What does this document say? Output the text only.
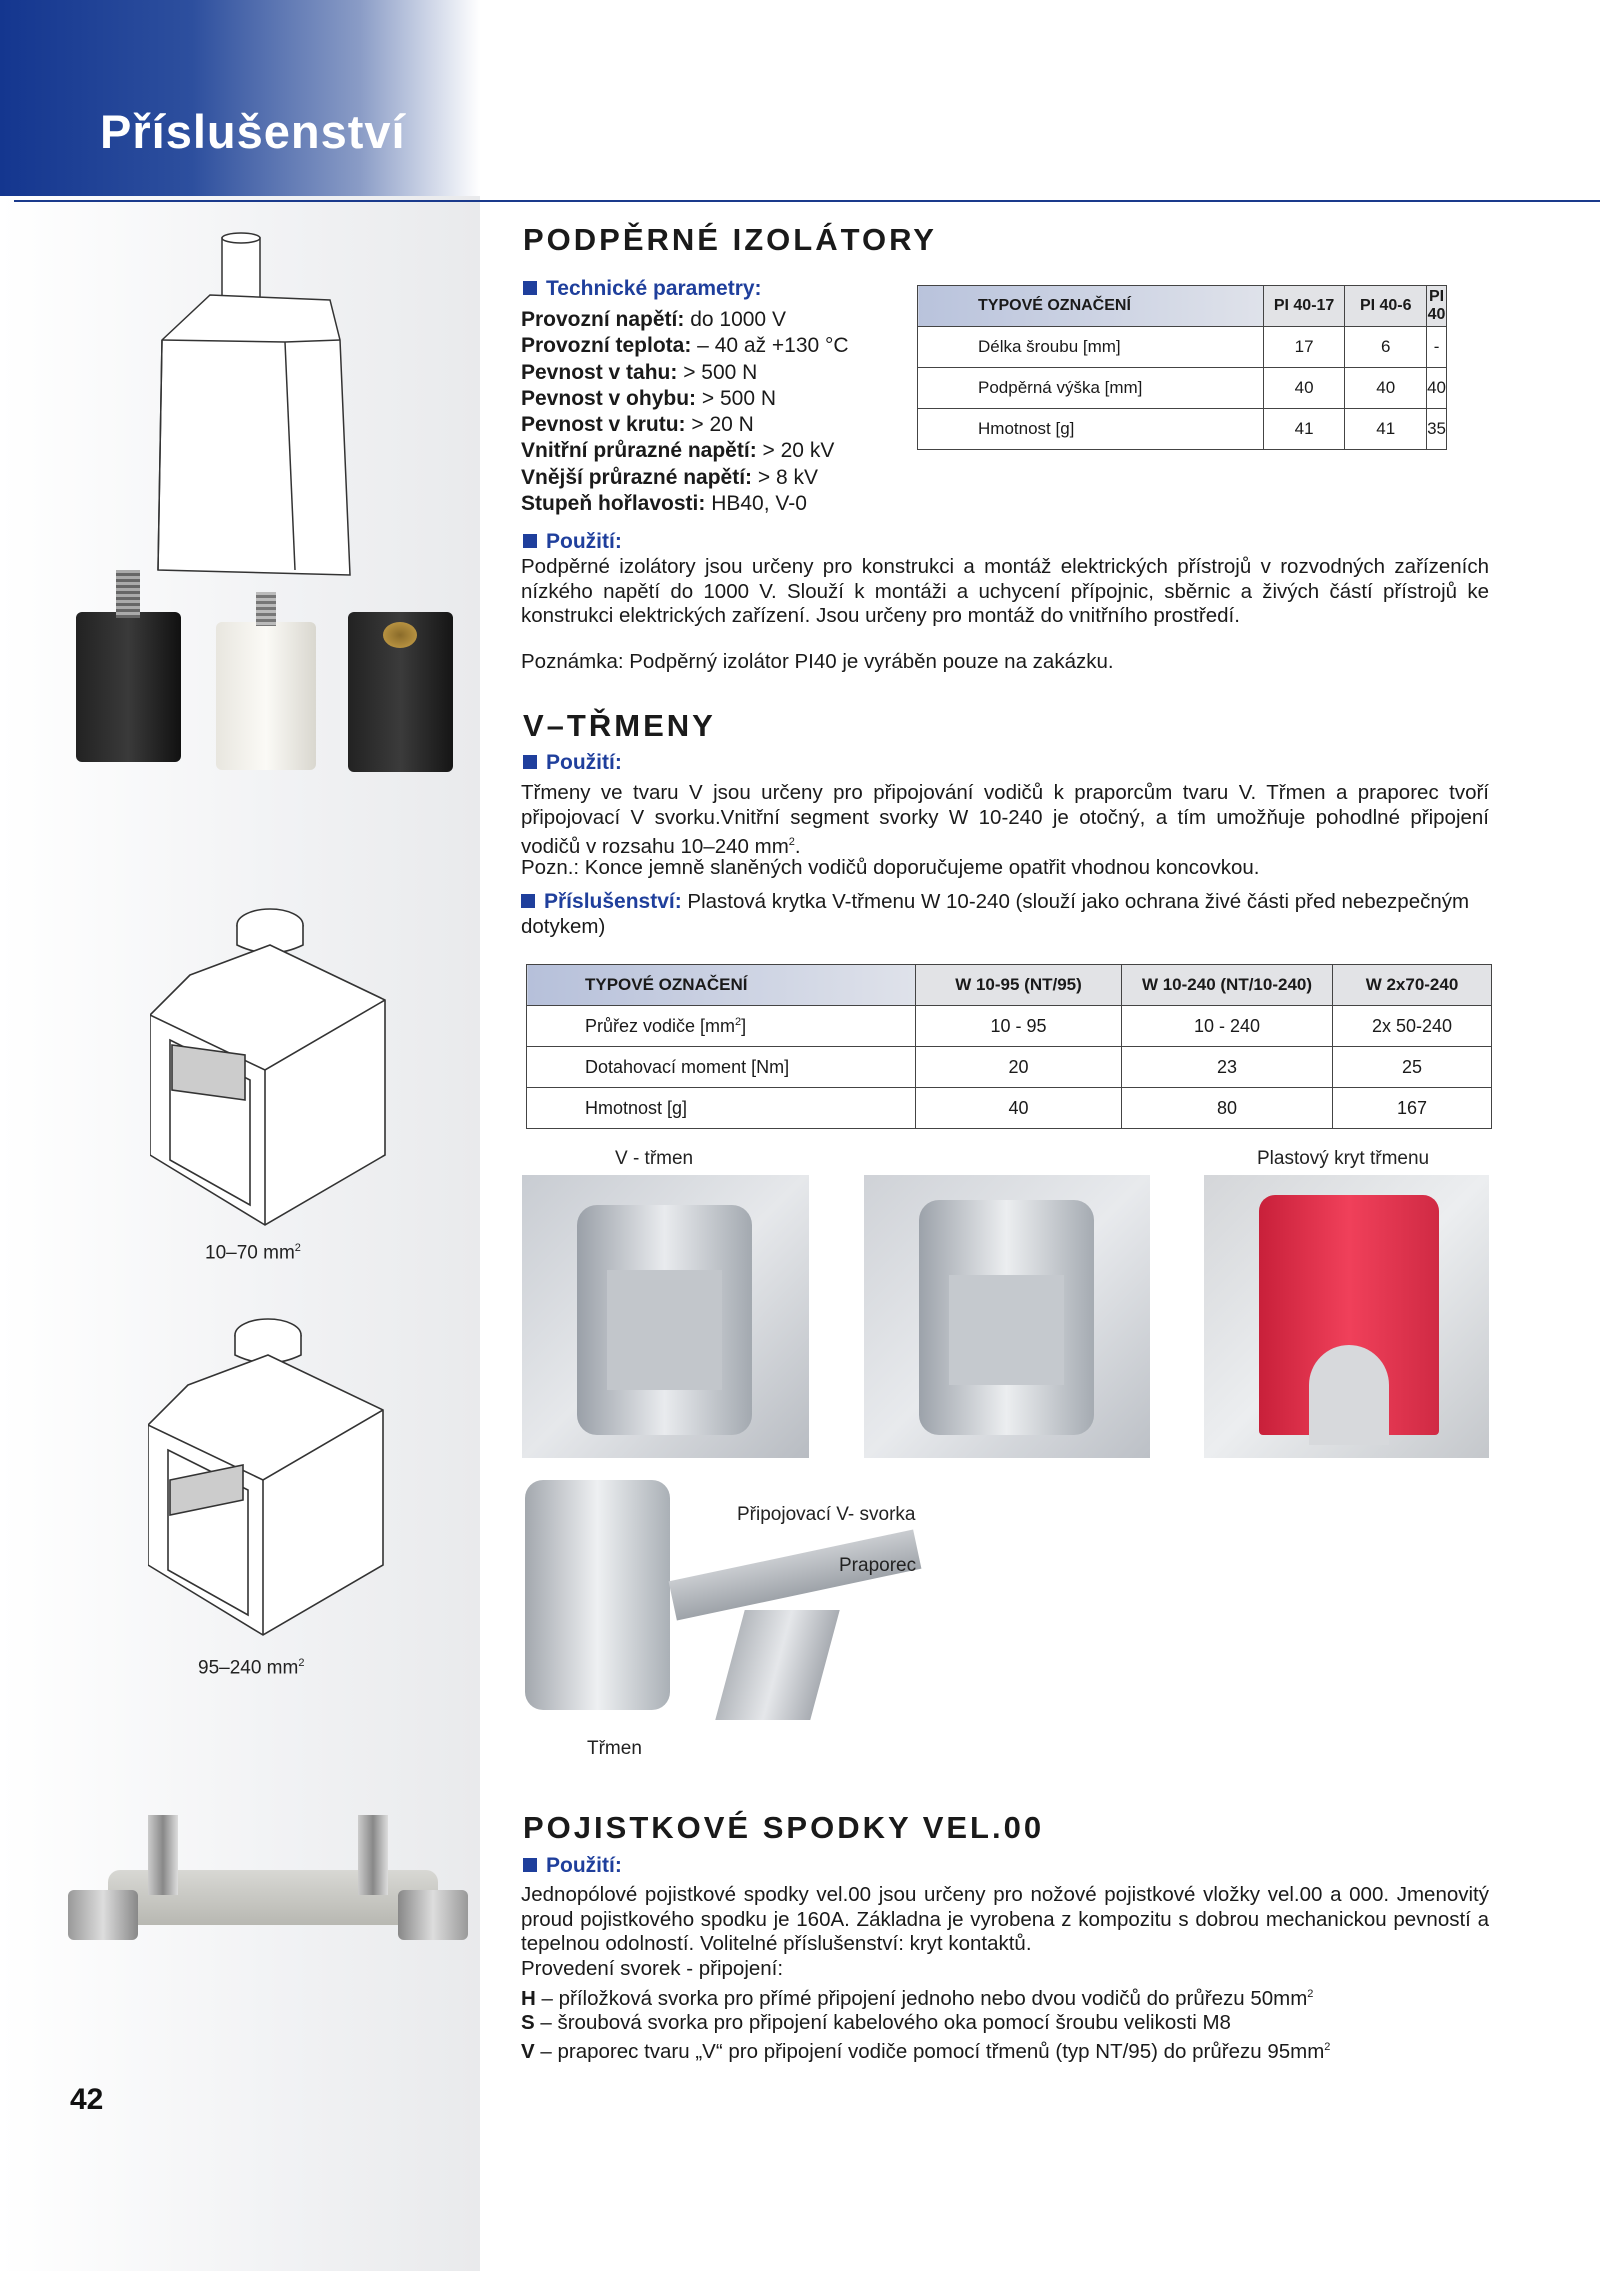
Příslušenství
10–70 $mm^2$
95–240 $mm^2$
42
PODPĚRNÉ IZOLÁTORY
Technické parametry:
Provozní napětí: do 1000 V
Provozní teplota: – 40 až +130 °C
Pevnost v tahu: > 500 N
Pevnost v ohybu: > 500 N
Pevnost v krutu: > 20 N
Vnitřní průrazné napětí: > 20 kV
Vnější průrazné napětí: > 8 kV
Stupeň hořlavosti: HB40, V-0
TYPOVÉ OZNAČENÍ	PI 40-17	PI 40-6	PI 40
Délka šroubu [mm]	17	6	-
Podpěrná výška [mm]	40	40	40
Hmotnost [g]	41	41	35
Použití:
Podpěrné izolátory jsou určeny pro konstrukci a montáž elektrických přístrojů v rozvodných zařízeních nízkého napětí do 1000 V. Slouží k montáži a uchycení přípojnic, sběrnic a živých částí přístrojů ke konstrukci elektrických zařízení. Jsou určeny pro montáž do vnitřního prostředí.
Poznámka: Podpěrný izolátor PI40 je vyráběn pouze na zakázku.
V–TŘMENY
Použití:
Třmeny ve tvaru V jsou určeny pro připojování vodičů k praporcům tvaru V. Třmen a praporec tvoří připojovací V svorku.Vnitřní segment svorky W 10-240 je otočný, a tím umožňuje pohodlné připojení vodičů v rozsahu 10–240 $mm^2$.
Pozn.: Konce jemně slaněných vodičů doporučujeme opatřit vhodnou koncovkou.
Příslušenství: Plastová krytka V-třmenu W 10-240 (slouží jako ochrana živé části před nebezpečným dotykem)
TYPOVÉ OZNAČENÍ	W 10-95 (NT/95)	W 10-240 (NT/10-240)	W 2x70-240
Průřez vodiče $[mm^2]$	10 - 95	10 - 240	2x 50-240
Dotahovací moment [Nm]	20	23	25
Hmotnost [g]	40	80	167
V - třmen	Plastový kryt třmenu
Připojovací V- svorka
Praporec
Třmen
POJISTKOVÉ SPODKY VEL.00
Použití:
Jednopólové pojistkové spodky vel.00 jsou určeny pro nožové pojistkové vložky vel.00 a 000. Jmenovitý proud pojistkového spodku je 160A. Základna je vyrobena z kompozitu s dobrou mechanickou pevností a tepelnou odolností. Volitelné příslušenství: kryt kontaktů.
Provedení svorek - připojení:
H – příložková svorka pro přímé připojení jednoho nebo dvou vodičů do průřezu $50mm^2$
S – šroubová svorka pro připojení kabelového oka pomocí šroubu velikosti M8
V – praporec tvaru „V“ pro připojení vodiče pomocí třmenů (typ NT/95) do průřezu $95mm^2$
